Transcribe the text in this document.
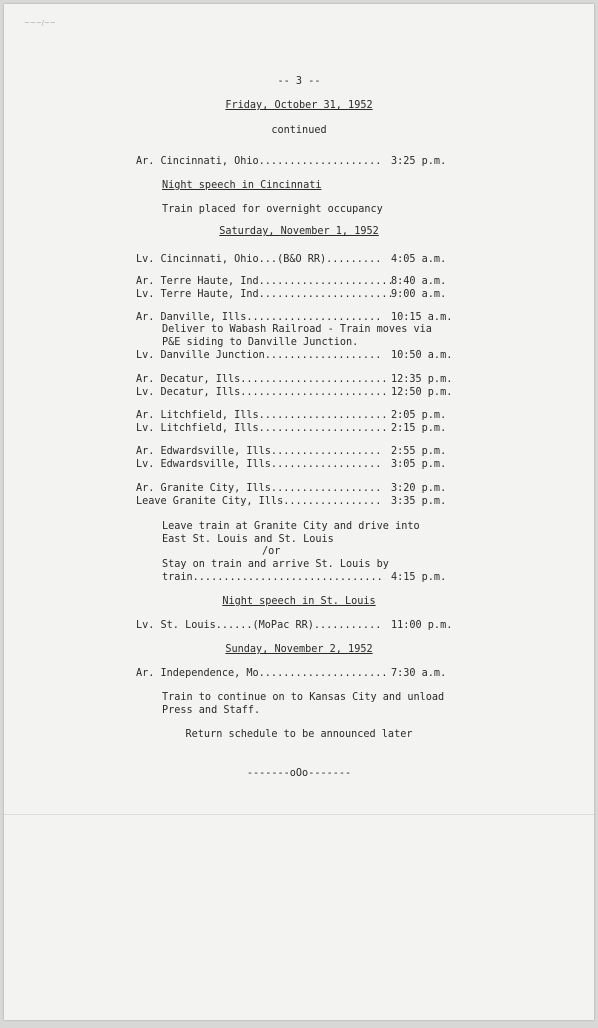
~~~/~~
-- 3 --
Friday, October 31, 1952
continued
Ar. Cincinnati, Ohio.................... 3:25 p.m.
Night speech in Cincinnati
Train placed for overnight occupancy
Saturday, November 1, 1952
Lv. Cincinnati, Ohio...(B&O RR)......... 4:05 a.m.
Ar. Terre Haute, Ind......................
8:40 a.m.
Lv. Terre Haute, Ind......................
9:00 a.m.
Ar. Danville, Ills...................... 10:15 a.m.
Deliver to Wabash Railroad - Train moves via
P&E siding to Danville Junction.
Lv. Danville Junction................... 10:50 a.m.
Ar. Decatur, Ills........................ 12:35 p.m.
Lv. Decatur, Ills........................ 12:50 p.m.
Ar. Litchfield, Ills..................... 2:05 p.m.
Lv. Litchfield, Ills..................... 2:15 p.m.
Ar. Edwardsville, Ills.................. 2:55 p.m.
Lv. Edwardsville, Ills.................. 3:05 p.m.
Ar. Granite City, Ills.................. 3:20 p.m.
Leave Granite City, Ills................ 3:35 p.m.
Leave train at Granite City and drive into
East St. Louis and St. Louis
/or
Stay on train and arrive St. Louis by
train............................... 4:15 p.m.
Night speech in St. Louis
Lv. St. Louis......(MoPac RR)........... 11:00 p.m.
Sunday, November 2, 1952
Ar. Independence, Mo..................... 7:30 a.m.
Train to continue on to Kansas City and unload
Press and Staff.
Return schedule to be announced later
-------oOo-------
